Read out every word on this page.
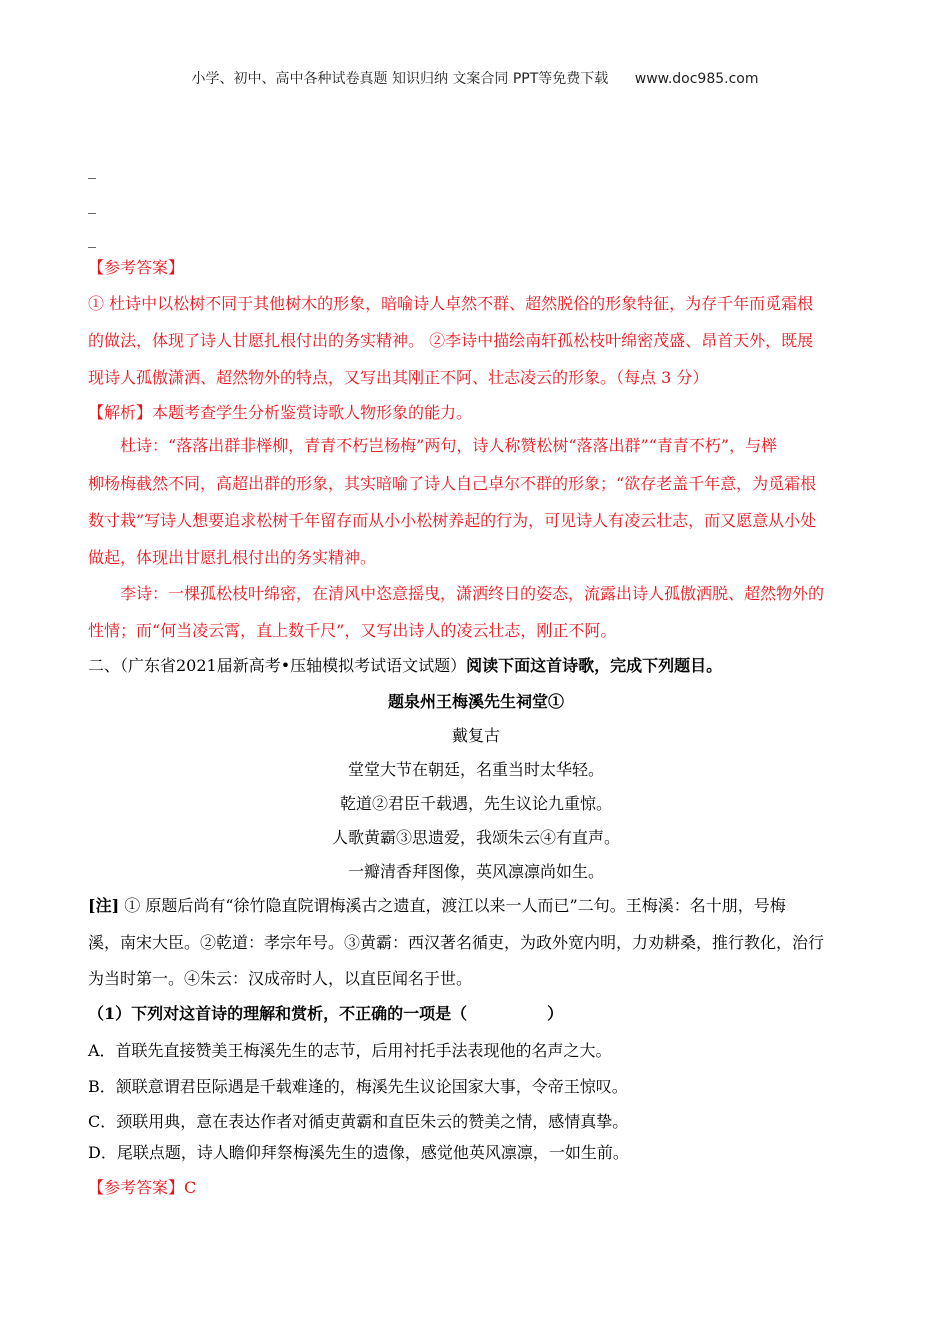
小学、初中、高中各种试卷真题 知识归纳 文案合同 PPT等免费下载 www.doc985.com
_
_
_
【参考答案】
① 杜诗中以松树不同于其他树木的形象，暗喻诗人卓然不群、超然脱俗的形象特征，为存千年而觅霜根
的做法，体现了诗人甘愿扎根付出的务实精神。 ②李诗中描绘南轩孤松枝叶绵密茂盛、昂首天外，既展
现诗人孤傲潇洒、超然物外的特点，又写出其刚正不阿、壮志凌云的形象。（每点 3 分）
【解析】本题考查学生分析鉴赏诗歌人物形象的能力。
杜诗：“落落出群非榉柳，青青不朽岂杨梅”两句，诗人称赞松树“落落出群”“青青不朽”，与榉
柳杨梅截然不同，高超出群的形象，其实暗喻了诗人自己卓尔不群的形象；“欲存老盖千年意，为觅霜根
数寸栽”写诗人想要追求松树千年留存而从小小松树养起的行为，可见诗人有凌云壮志，而又愿意从小处
做起，体现出甘愿扎根付出的务实精神。
李诗：一棵孤松枝叶绵密，在清风中恣意摇曳，潇洒终日的姿态，流露出诗人孤傲洒脱、超然物外的
性情；而“何当凌云霄，直上数千尺”，又写出诗人的凌云壮志，刚正不阿。
二、（广东省2021届新高考•压轴模拟考试语文试题）阅读下面这首诗歌，完成下列题目。
题泉州王梅溪先生祠堂①
戴复古
堂堂大节在朝廷，名重当时太华轻。
乾道②君臣千载遇，先生议论九重惊。
人歌黄霸③思遗爱，我颂朱云④有直声。
一瓣清香拜图像，英风凛凛尚如生。
[注] ① 原题后尚有“徐竹隐直院谓梅溪古之遗直，渡江以来一人而已”二句。王梅溪：名十朋，号梅
溪，南宋大臣。②乾道：孝宗年号。③黄霸：西汉著名循吏，为政外宽内明，力劝耕桑，推行教化，治行
为当时第一。④朱云：汉成帝时人，以直臣闻名于世。
（1）下列对这首诗的理解和赏析，不正确的一项是（　　　　　）
A．首联先直接赞美王梅溪先生的志节，后用衬托手法表现他的名声之大。
B．颔联意谓君臣际遇是千载难逢的，梅溪先生议论国家大事，令帝王惊叹。
C．颈联用典，意在表达作者对循吏黄霸和直臣朱云的赞美之情，感情真挚。
D．尾联点题，诗人瞻仰拜祭梅溪先生的遗像，感觉他英风凛凛，一如生前。
【参考答案】C
